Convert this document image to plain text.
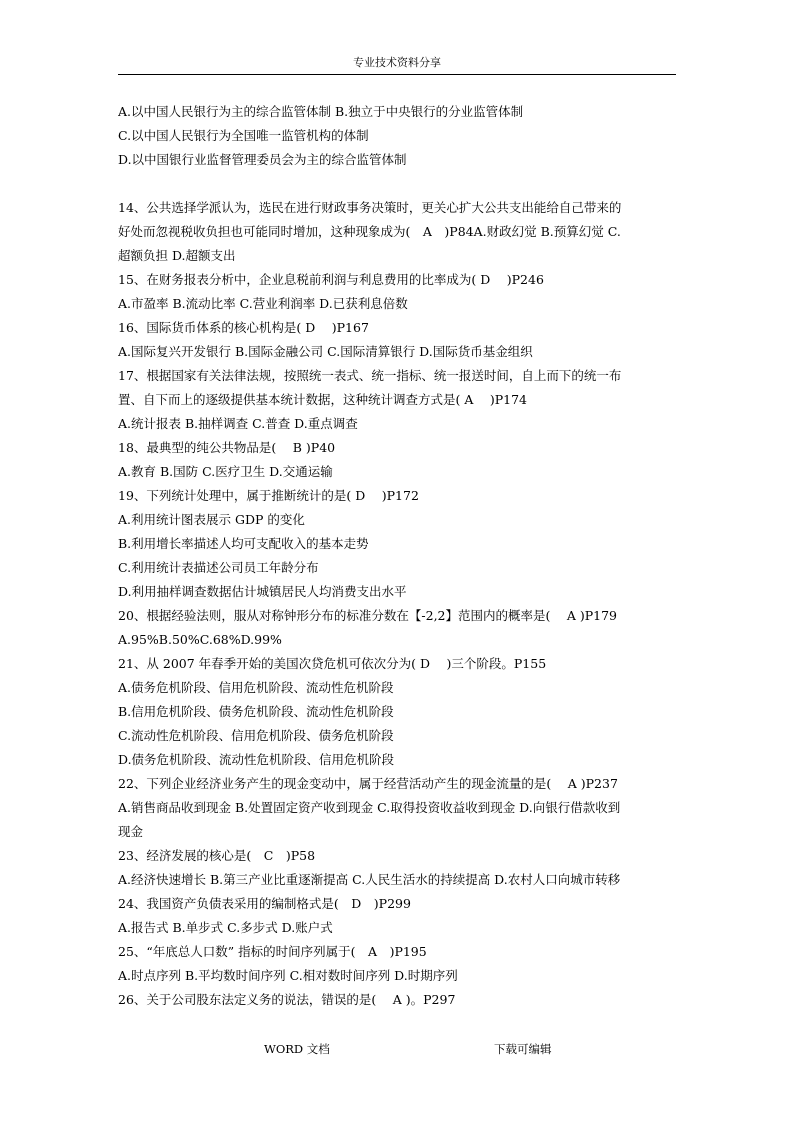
专业技术资料分享
A.以中国人民银行为主的综合监管体制 B.独立于中央银行的分业监管体制
C.以中国人民银行为全国唯一监管机构的体制
D.以中国银行业监督管理委员会为主的综合监管体制
14、公共选择学派认为，选民在进行财政事务决策时，更关心扩大公共支出能给自己带来的
好处而忽视税收负担也可能同时增加，这种现象成为(　A　)P84A.财政幻觉 B.预算幻觉 C.
超额负担 D.超额支出
15、在财务报表分析中，企业息税前利润与利息费用的比率成为( D　 )P246
A.市盈率 B.流动比率 C.营业利润率 D.已获利息倍数
16、国际货币体系的核心机构是( D　 )P167
A.国际复兴开发银行 B.国际金融公司 C.国际清算银行 D.国际货币基金组织
17、根据国家有关法律法规，按照统一表式、统一指标、统一报送时间，自上而下的统一布
置、自下而上的逐级提供基本统计数据，这种统计调查方式是( A　 )P174
A.统计报表 B.抽样调查 C.普查 D.重点调查
18、最典型的纯公共物品是(　 B )P40
A.教育 B.国防 C.医疗卫生 D.交通运输
19、下列统计处理中，属于推断统计的是( D　 )P172
A.利用统计图表展示 GDP 的变化
B.利用增长率描述人均可支配收入的基本走势
C.利用统计表描述公司员工年龄分布
D.利用抽样调查数据估计城镇居民人均消费支出水平
20、根据经验法则，服从对称钟形分布的标准分数在【-2,2】范围内的概率是(　 A )P179
A.95%B.50%C.68%D.99%
21、从 2007 年春季开始的美国次贷危机可依次分为( D　 )三个阶段。P155
A.债务危机阶段、信用危机阶段、流动性危机阶段
B.信用危机阶段、债务危机阶段、流动性危机阶段
C.流动性危机阶段、信用危机阶段、债务危机阶段
D.债务危机阶段、流动性危机阶段、信用危机阶段
22、下列企业经济业务产生的现金变动中，属于经营活动产生的现金流量的是(　 A )P237
A.销售商品收到现金 B.处置固定资产收到现金 C.取得投资收益收到现金 D.向银行借款收到
现金
23、经济发展的核心是(　C　)P58
A.经济快速增长 B.第三产业比重逐渐提高 C.人民生活水的持续提高 D.农村人口向城市转移
24、我国资产负债表采用的编制格式是(　D　)P299
A.报告式 B.单步式 C.多步式 D.账户式
25、“年底总人口数” 指标的时间序列属于(　A　)P195
A.时点序列 B.平均数时间序列 C.相对数时间序列 D.时期序列
26、关于公司股东法定义务的说法，错误的是(　 A )。P297
WORD 文档	下载可编辑
